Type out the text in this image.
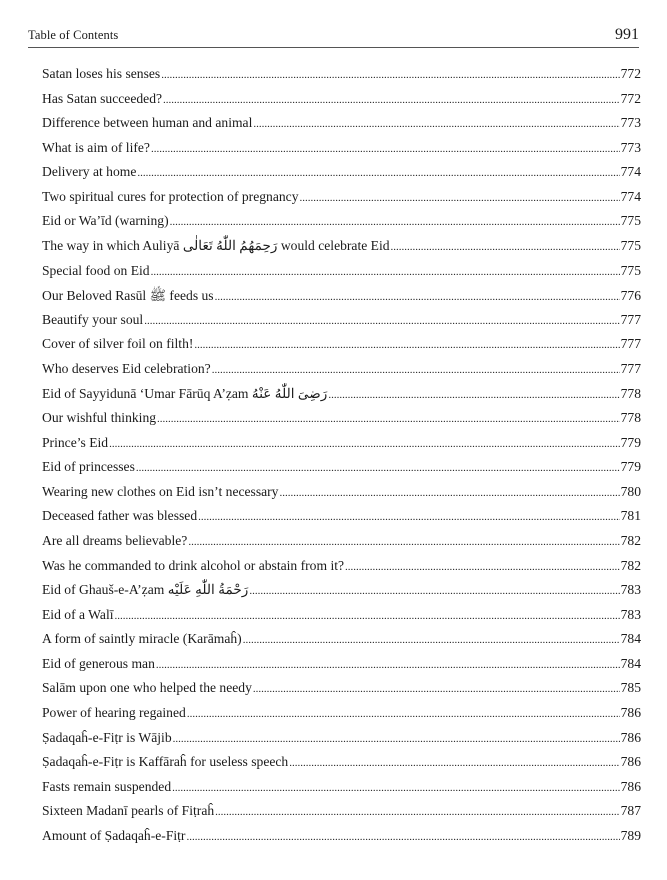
Table of Contents	991
Satan loses his senses .....	772
Has Satan succeeded? .....	772
Difference between human and animal .....	773
What is aim of life? .....	773
Delivery at home .....	774
Two spiritual cures for protection of pregnancy .....	774
Eid or Wa’īd (warning) .....	775
The way in which Auliyā رَحِمَهُمُ اللّٰهُ تَعَالٰی would celebrate Eid .....	775
Special food on Eid .....	775
Our Beloved Rasūl ﷺ feeds us .....	776
Beautify your soul .....	777
Cover of silver foil on filth! .....	777
Who deserves Eid celebration? .....	777
Eid of Sayyidunā ‘Umar Fārūq A’ẓam رَضِیَ اللّٰهُ عَنْهُ .....	778
Our wishful thinking .....	778
Prince’s Eid .....	779
Eid of princesses .....	779
Wearing new clothes on Eid isn’t necessary .....	780
Deceased father was blessed .....	781
Are all dreams believable? .....	782
Was he commanded to drink alcohol or abstain from it? .....	782
Eid of Ghauš-e-A’ẓam رَحْمَةُ اللّٰهِ عَلَيْه .....	783
Eid of a Walī .....	783
A form of saintly miracle (Karāmaĥ) .....	784
Eid of generous man .....	784
Salām upon one who helped the needy .....	785
Power of hearing regained .....	786
Ṣadaqaĥ-e-Fiṭr is Wājib .....	786
Ṣadaqaĥ-e-Fiṭr is Kaffāraĥ for useless speech .....	786
Fasts remain suspended .....	786
Sixteen Madanī pearls of Fiṭraĥ .....	787
Amount of Ṣadaqaĥ-e-Fiṭr .....	789
